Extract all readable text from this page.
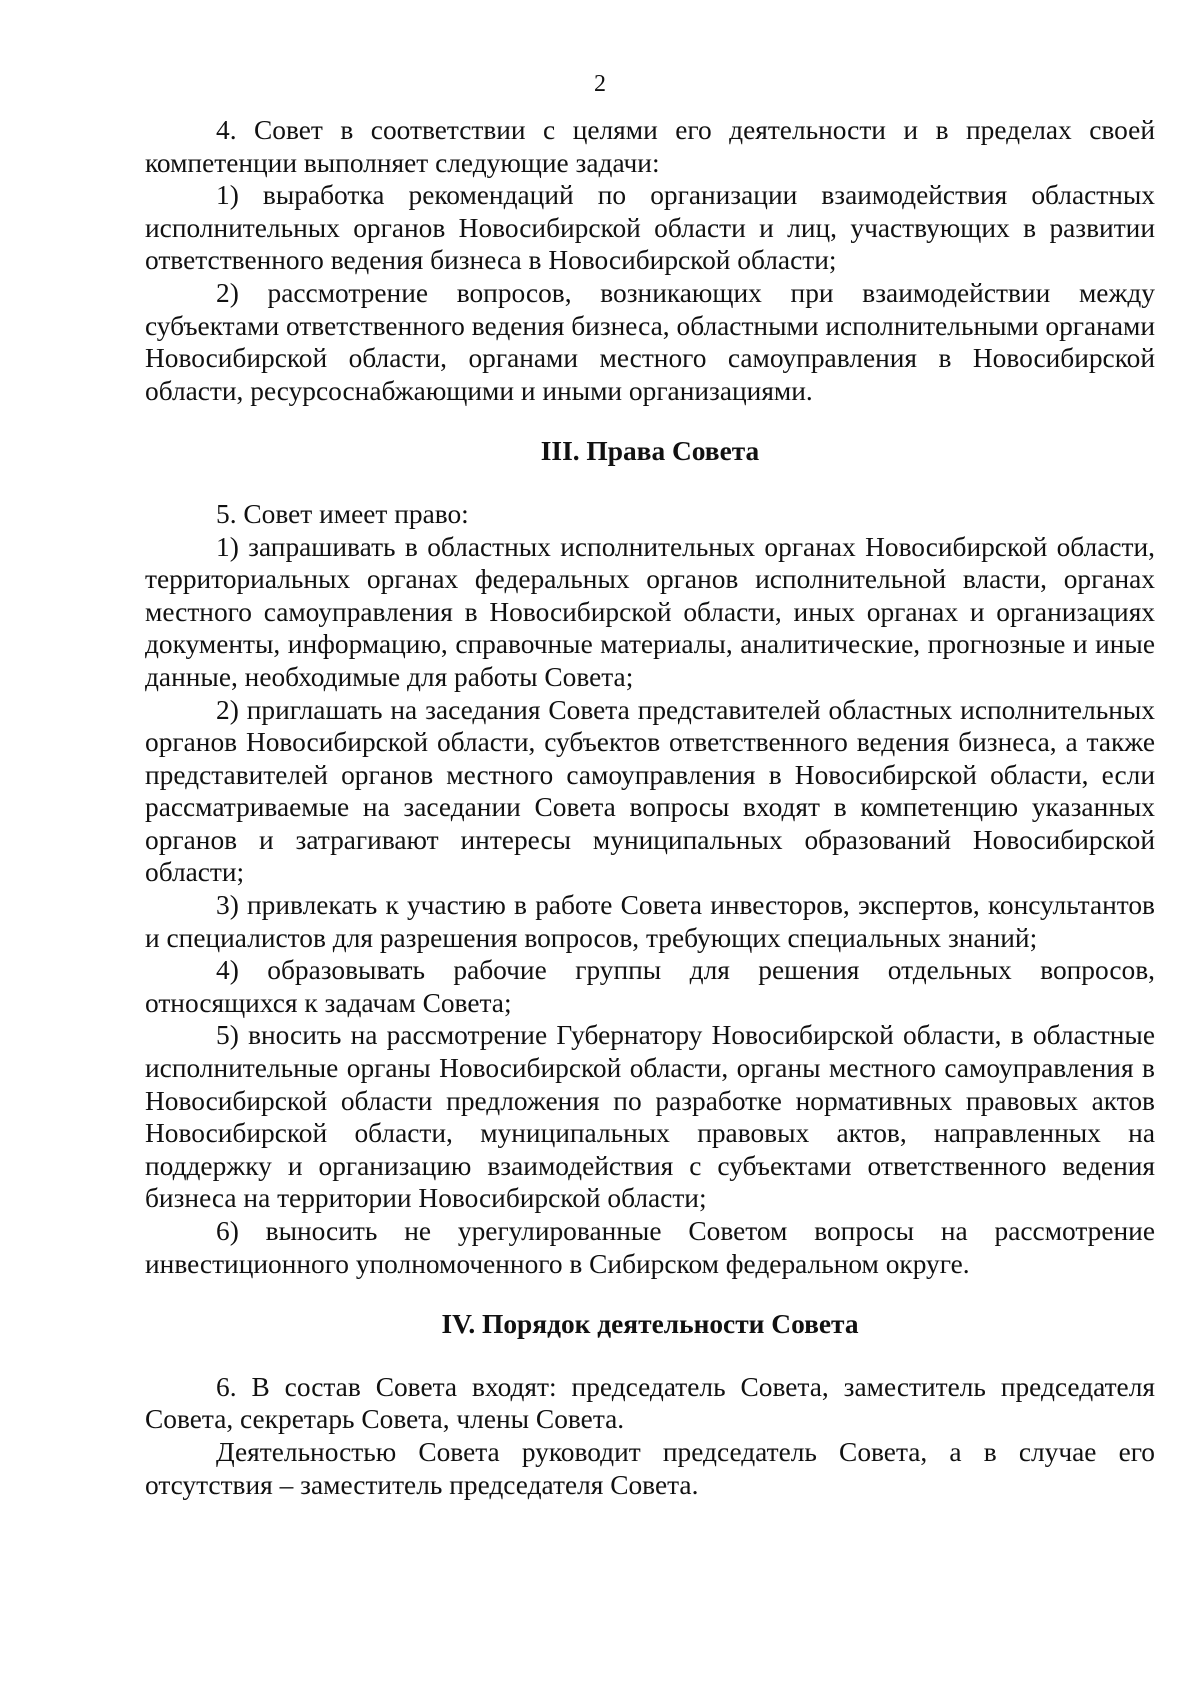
2

4. Совет в соответствии с целями его деятельности и в пределах своей компетенции выполняет следующие задачи:

1) выработка рекомендаций по организации взаимодействия областных исполнительных органов Новосибирской области и лиц, участвующих в развитии ответственного ведения бизнеса в Новосибирской области;

2) рассмотрение вопросов, возникающих при взаимодействии между субъектами ответственного ведения бизнеса, областными исполнительными органами Новосибирской области, органами местного самоуправления в Новосибирской области, ресурсоснабжающими и иными организациями.

III. Права Совета

5. Совет имеет право:

1) запрашивать в областных исполнительных органах Новосибирской области, территориальных органах федеральных органов исполнительной власти, органах местного самоуправления в Новосибирской области, иных органах и организациях документы, информацию, справочные материалы, аналитические, прогнозные и иные данные, необходимые для работы Совета;

2) приглашать на заседания Совета представителей областных исполнительных органов Новосибирской области, субъектов ответственного ведения бизнеса, а также представителей органов местного самоуправления в Новосибирской области, если рассматриваемые на заседании Совета вопросы входят в компетенцию указанных органов и затрагивают интересы муниципальных образований Новосибирской области;

3) привлекать к участию в работе Совета инвесторов, экспертов, консультантов и специалистов для разрешения вопросов, требующих специальных знаний;

4) образовывать рабочие группы для решения отдельных вопросов, относящихся к задачам Совета;

5) вносить на рассмотрение Губернатору Новосибирской области, в областные исполнительные органы Новосибирской области, органы местного самоуправления в Новосибирской области предложения по разработке нормативных правовых актов Новосибирской области, муниципальных правовых актов, направленных на поддержку и организацию взаимодействия с субъектами ответственного ведения бизнеса на территории Новосибирской области;

6) выносить не урегулированные Советом вопросы на рассмотрение инвестиционного уполномоченного в Сибирском федеральном округе.

IV. Порядок деятельности Совета

6. В состав Совета входят: председатель Совета, заместитель председателя Совета, секретарь Совета, члены Совета.

Деятельностью Совета руководит председатель Совета, а в случае его отсутствия – заместитель председателя Совета.
